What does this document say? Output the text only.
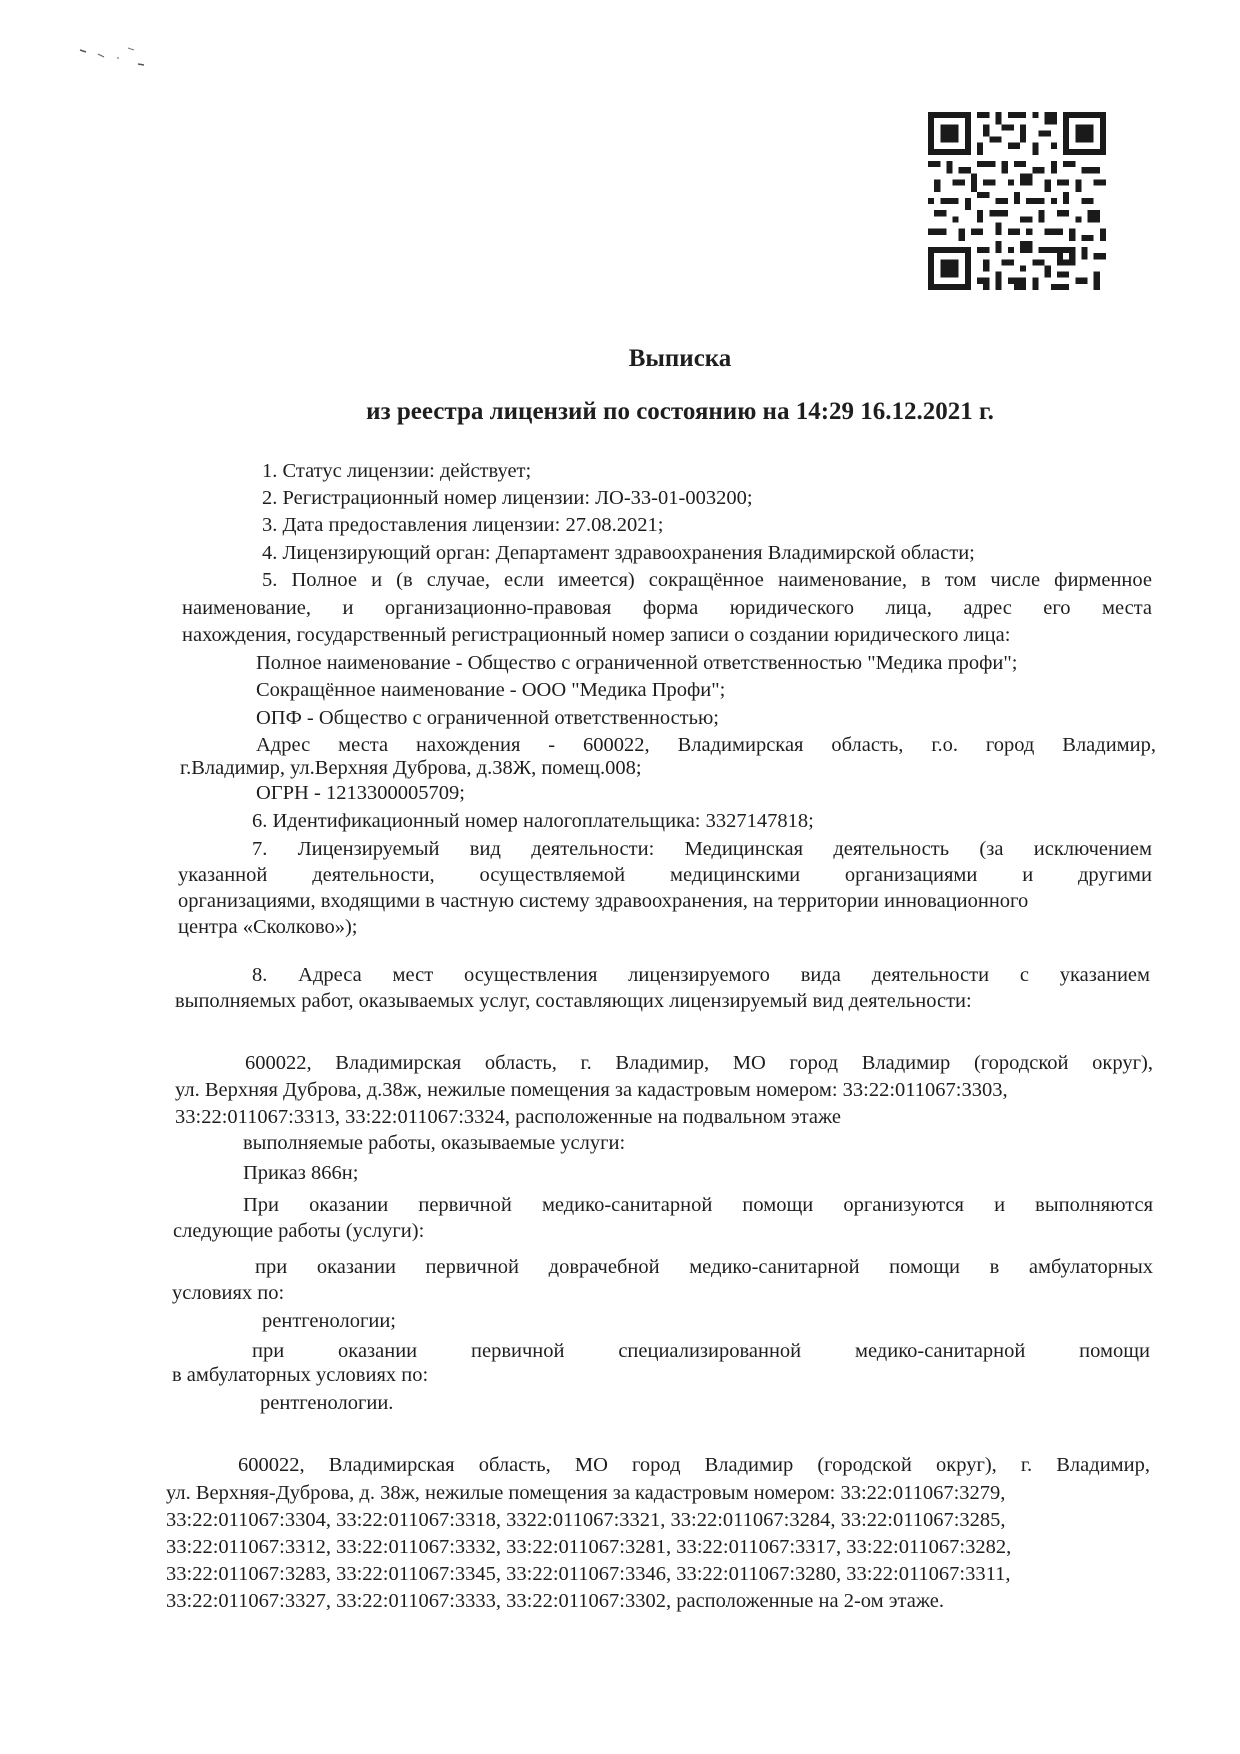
Выписка
из реестра лицензий по состоянию на 14:29 16.12.2021 г.
1. Статус лицензии: действует;
2. Регистрационный номер лицензии: ЛО-33-01-003200;
3. Дата предоставления лицензии: 27.08.2021;
4. Лицензирующий орган: Департамент здравоохранения Владимирской области;
5. Полное и (в случае, если имеется) сокращённое наименование, в том числе фирменное
наименование, и организационно-правовая форма юридического лица, адрес его места
нахождения, государственный регистрационный номер записи о создании юридического лица:
Полное наименование - Общество с ограниченной ответственностью "Медика профи";
Сокращённое наименование - ООО "Медика Профи";
ОПФ - Общество с ограниченной ответственностью;
Адрес места нахождения - 600022, Владимирская область, г.о. город Владимир,
г.Владимир, ул.Верхняя Дуброва, д.38Ж, помещ.008;
ОГРН - 1213300005709;
6. Идентификационный номер налогоплательщика: 3327147818;
7. Лицензируемый вид деятельности: Медицинская деятельность (за исключением
указанной деятельности, осуществляемой медицинскими организациями и другими
организациями, входящими в частную систему здравоохранения, на территории инновационного
центра «Сколково»);
8. Адреса мест осуществления лицензируемого вида деятельности с указанием
выполняемых работ, оказываемых услуг, составляющих лицензируемый вид деятельности:
600022, Владимирская область, г. Владимир, МО город Владимир (городской округ),
ул. Верхняя Дуброва, д.38ж, нежилые помещения за кадастровым номером: 33:22:011067:3303,
33:22:011067:3313, 33:22:011067:3324, расположенные на подвальном этаже
выполняемые работы, оказываемые услуги:
Приказ 866н;
При оказании первичной медико-санитарной помощи организуются и выполняются
следующие работы (услуги):
при оказании первичной доврачебной медико-санитарной помощи в амбулаторных
условиях по:
рентгенологии;
при оказании первичной специализированной медико-санитарной помощи
в амбулаторных условиях по:
рентгенологии.
600022, Владимирская область, МО город Владимир (городской округ), г. Владимир,
ул. Верхняя-Дуброва, д. 38ж, нежилые помещения за кадастровым номером: 33:22:011067:3279,
33:22:011067:3304, 33:22:011067:3318, 3322:011067:3321, 33:22:011067:3284, 33:22:011067:3285,
33:22:011067:3312, 33:22:011067:3332, 33:22:011067:3281, 33:22:011067:3317, 33:22:011067:3282,
33:22:011067:3283, 33:22:011067:3345, 33:22:011067:3346, 33:22:011067:3280, 33:22:011067:3311,
33:22:011067:3327, 33:22:011067:3333, 33:22:011067:3302, расположенные на 2-ом этаже.
